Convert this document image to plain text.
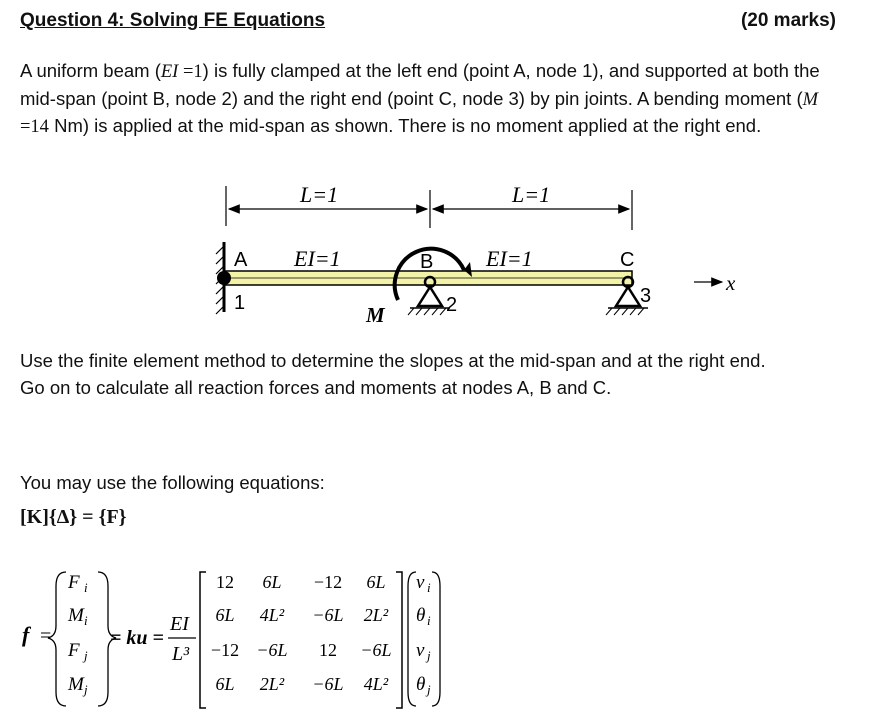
Question 4: Solving FE Equations	(20 marks)
A uniform beam (EI =1) is fully clamped at the left end (point A, node 1), and supported at both the mid-span (point B, node 2) and the right end (point C, node 3) by pin joints. A bending moment (M =14 Nm) is applied at the mid-span as shown. There is no moment applied at the right end.
L=1	L=1
x
A
1
EI=1	B
2
M
EI=1	C
3
Use the finite element method to determine the slopes at the mid-span and at the right end.
Go on to calculate all reaction forces and moments at nodes A, B and C.
You may use the following equations:
[K]{Δ} = {F}
f =
F i
M i
F j
M j
= ku =
EI
L³
12 6L −12 6L
6L 4L² −6L 2L²
−12 −6L 12 −6L
6L 2L² −6L 4L²
v i
θ i
v j
θ j
